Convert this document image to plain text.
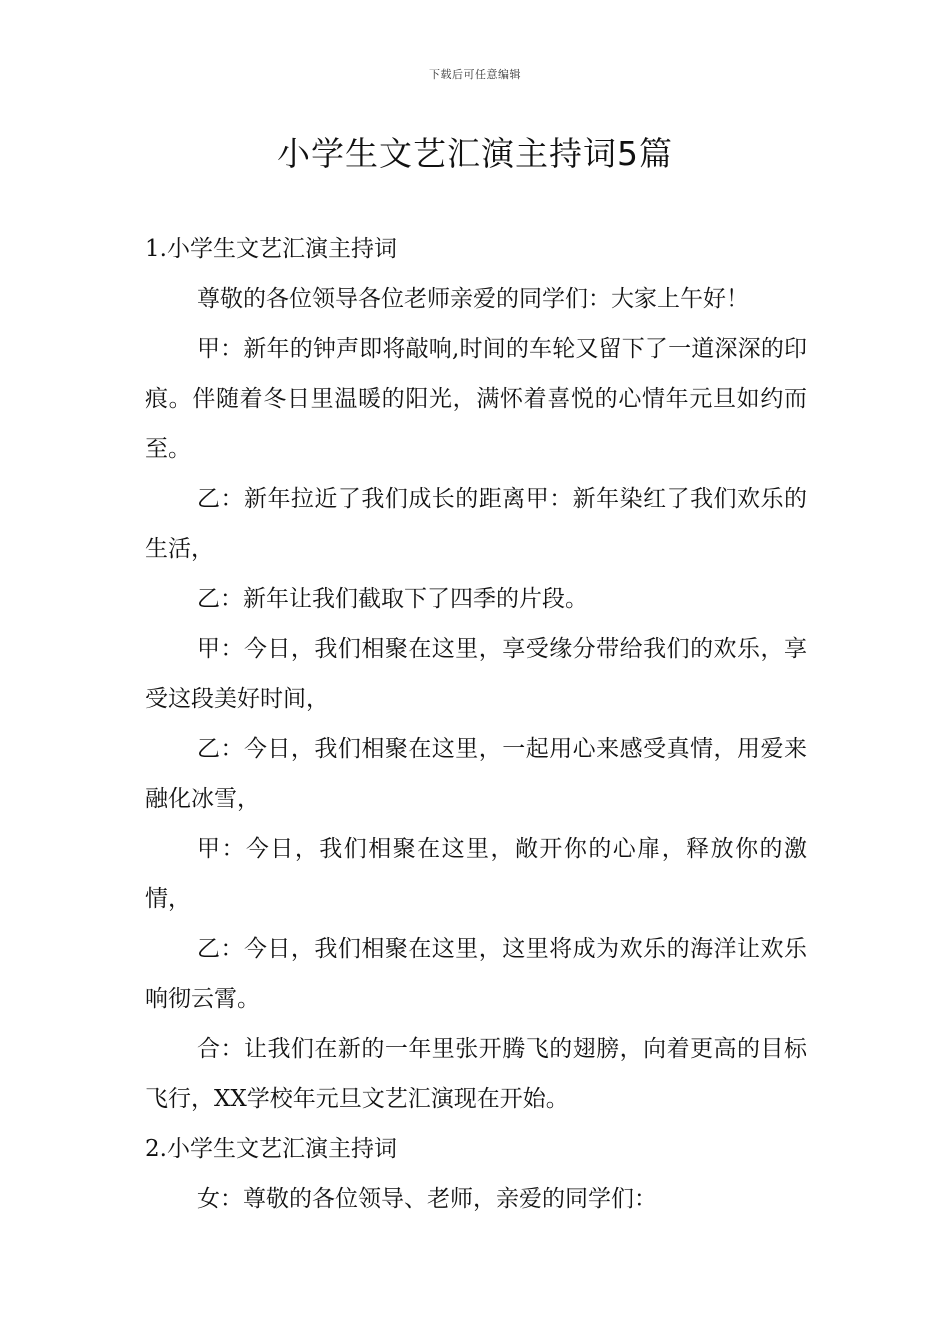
下载后可任意编辑
小学生文艺汇演主持词5篇

1.小学生文艺汇演主持词

尊敬的各位领导各位老师亲爱的同学们：大家上午好！

甲：新年的钟声即将敲响,时间的车轮又留下了一道深深的印痕。伴随着冬日里温暖的阳光，满怀着喜悦的心情年元旦如约而至。

乙：新年拉近了我们成长的距离甲：新年染红了我们欢乐的生活，

乙：新年让我们截取下了四季的片段。

甲：今日，我们相聚在这里，享受缘分带给我们的欢乐，享受这段美好时间，

乙：今日，我们相聚在这里，一起用心来感受真情，用爱来融化冰雪，

甲：今日，我们相聚在这里，敞开你的心扉，释放你的激情，

乙：今日，我们相聚在这里，这里将成为欢乐的海洋让欢乐响彻云霄。

合：让我们在新的一年里张开腾飞的翅膀，向着更高的目标飞行，XX学校年元旦文艺汇演现在开始。

2.小学生文艺汇演主持词

女：尊敬的各位领导、老师，亲爱的同学们：
